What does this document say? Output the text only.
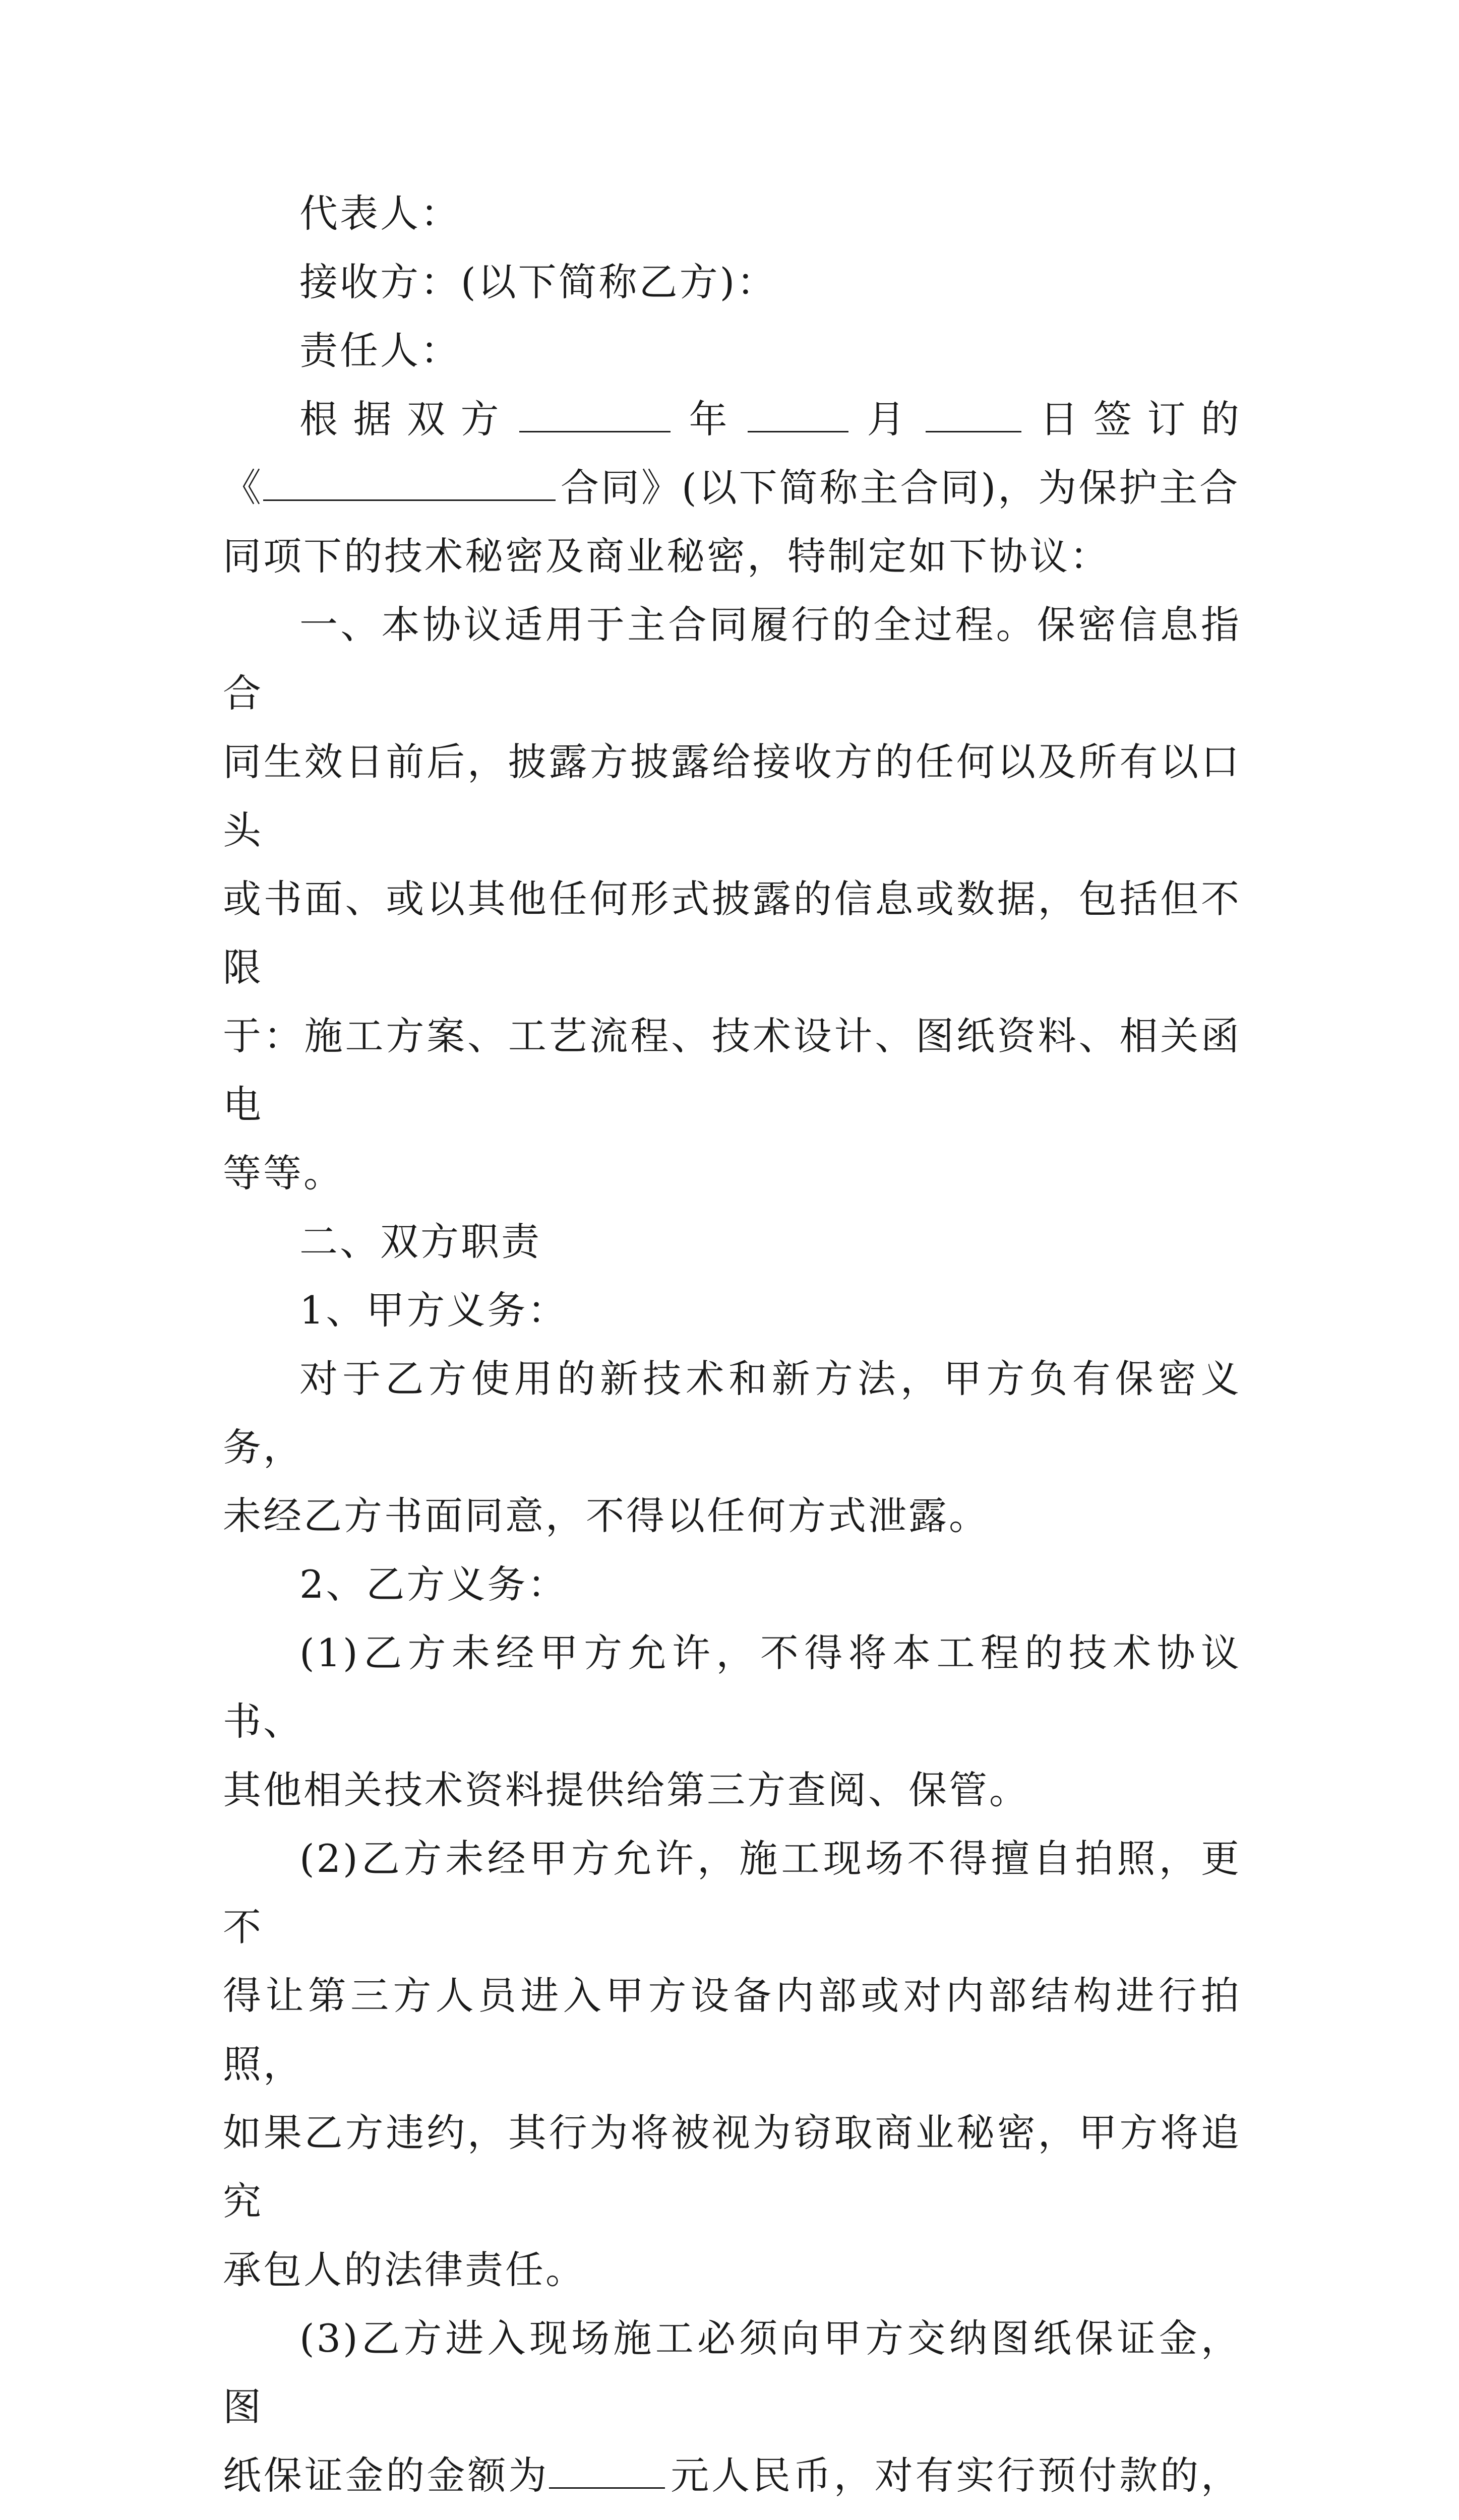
代表人：
接收方：(以下简称乙方)：
责任人：
根据双方	年	月	日签订的
《	合同》(以下简称主合同)，为保护主合
同项下的技术秘密及商业秘密，特制定如下协议：
一、本协议适用于主合同履行的全过程。保密信息指合
同生效日前后，披露方披露给接收方的任何以及所有以口头
或书面、或以其他任何形式披露的信息或数据，包括但不限
于：施工方案、工艺流程、技术设计、图纸资料、相关函电
等等。
二、双方职责
1、甲方义务：
对于乙方使用的新技术和新方法，甲方负有保密义务，
未经乙方书面同意，不得以任何方式泄露。
2、乙方义务：
(1)乙方未经甲方允许，不得将本工程的技术协议书、
其他相关技术资料提供给第三方查阅、保管。
(2)乙方未经甲方允许，施工现场不得擅自拍照，更不
得让第三方人员进入甲方设备内部或对内部结构进行拍照，
如果乙方违约，其行为将被视为窃取商业秘密，甲方将追究
承包人的法律责任。
(3)乙方进入现场施工必须向甲方交纳图纸保证金，图
纸保证金的金额为	元人民币，对有实行预付款的，
